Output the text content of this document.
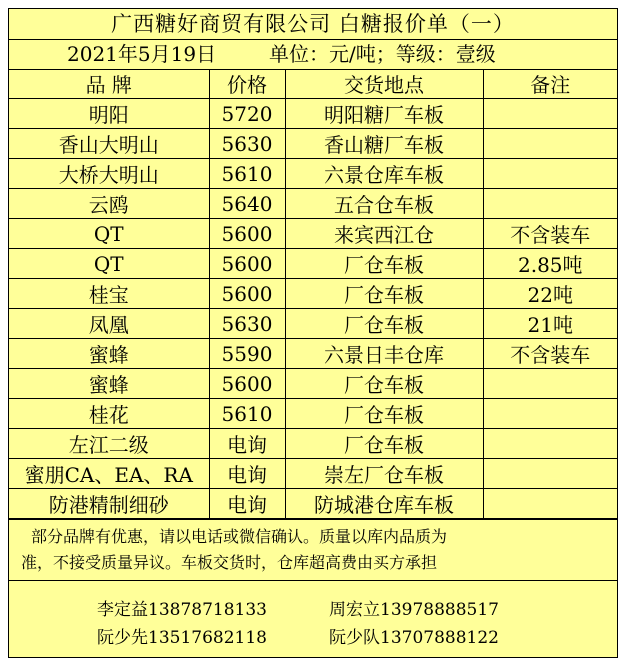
广西糖好商贸有限公司 白糖报价单（一）
2021年5月19日	单位：元/吨；等级：壹级
品 牌	价格	交货地点	备注
明阳	5720	明阳糖厂车板	
香山大明山	5630	香山糖厂车板	
大桥大明山	5610	六景仓库车板	
云鸥	5640	五合仓车板	
QT	5600	来宾西江仓	不含装车
QT	5600	厂仓车板	2.85吨
桂宝	5600	厂仓车板	22吨
凤凰	5630	厂仓车板	21吨
蜜蜂	5590	六景日丰仓库	不含装车
蜜蜂	5600	厂仓车板	
桂花	5610	厂仓车板	
左江二级	电询	厂仓车板	
蜜朋CA、EA、RA	电询	崇左厂仓车板	
防港精制细砂	电询	防城港仓库车板	
部分品牌有优惠，请以电话或微信确认。质量以库内品质为
准，不接受质量异议。车板交货时，仓库超高费由买方承担
李定益13878718133	周宏立13978888517
阮少先13517682118	阮少队13707888122
